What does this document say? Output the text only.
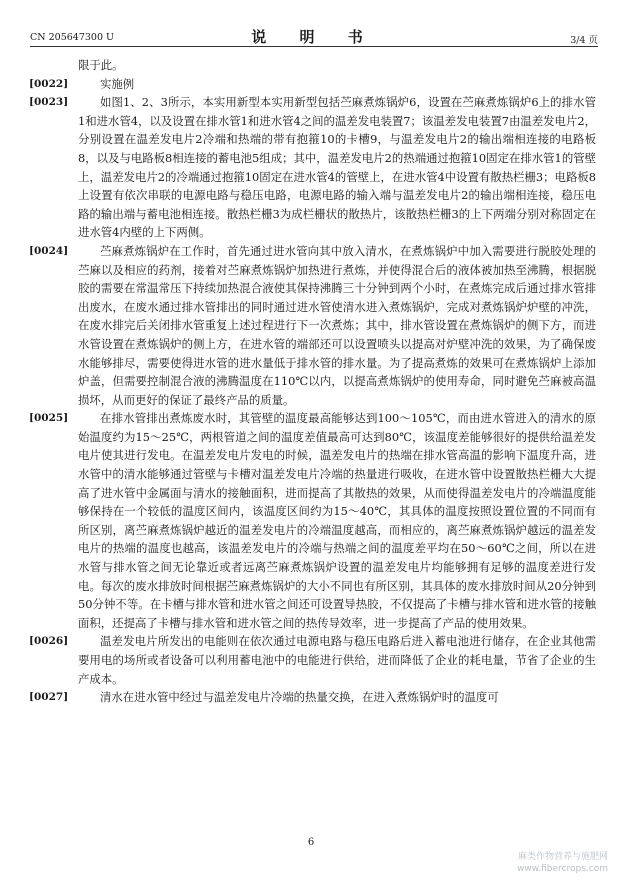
CN 205647300 U	说 明 书	3/4 页

限于此。

[0022]	实施例

[0023]	如图1、2、3所示，本实用新型本实用新型包括苎麻煮炼锅炉6，设置在苎麻煮炼锅炉6上的排水管1和进水管4，以及设置在排水管1和进水管4之间的温差发电装置7；该温差发电装置7由温差发电片2，分别设置在温差发电片2冷端和热端的带有抱箍10的卡槽9，与温差发电片2的输出端相连接的电路板8，以及与电路板8相连接的蓄电池5组成；其中，温差发电片2的热端通过抱箍10固定在排水管1的管壁上，温差发电片2的冷端通过抱箍10固定在进水管4的管壁上，在进水管4中设置有散热栏栅3；电路板8上设置有依次串联的电源电路与稳压电路，电源电路的输入端与温差发电片2的输出端相连接，稳压电路的输出端与蓄电池相连接。散热栏栅3为成栏栅状的散热片，该散热栏栅3的上下两端分别对称固定在进水管4内壁的上下两侧。

[0024]	苎麻煮炼锅炉在工作时，首先通过进水管向其中放入清水，在煮炼锅炉中加入需要进行脱胶处理的苎麻以及相应的药剂，接着对苎麻煮炼锅炉加热进行煮炼，并使得混合后的液体被加热至沸腾，根据脱胶的需要在常温常压下持续加热混合液使其保持沸腾三十分钟到两个小时，在煮炼完成后通过排水管排出废水，在废水通过排水管排出的同时通过进水管使清水进入煮炼锅炉，完成对煮炼锅炉炉壁的冲洗，在废水排完后关闭排水管重复上述过程进行下一次煮炼；其中，排水管设置在煮炼锅炉的侧下方，而进水管设置在煮炼锅炉的侧上方，在进水管的端部还可以设置喷头以提高对炉壁冲洗的效果，为了确保废水能够排尽，需要使得进水管的进水量低于排水管的排水量。为了提高煮炼的效果可在煮炼锅炉上添加炉盖，但需要控制混合液的沸腾温度在110℃以内，以提高煮炼锅炉的使用寿命，同时避免苎麻被高温损坏，从而更好的保证了最终产品的质量。

[0025]	在排水管排出煮炼废水时，其管壁的温度最高能够达到100～105℃，而由进水管进入的清水的原始温度约为15～25℃，两根管道之间的温度差值最高可达到80℃，该温度差能够很好的提供给温差发电片使其进行发电。在温差发电片发电的时候，温差发电片的热端在排水管高温的影响下温度升高，进水管中的清水能够通过管壁与卡槽对温差发电片冷端的热量进行吸收，在进水管中设置散热栏栅大大提高了进水管中金属面与清水的接触面积，进而提高了其散热的效果，从而使得温差发电片的冷端温度能够保持在一个较低的温度区间内，该温度区间约为15～40℃，其具体的温度按照设置位置的不同而有所区别，离苎麻煮炼锅炉越近的温差发电片的冷端温度越高，而相应的，离苎麻煮炼锅炉越远的温差发电片的热端的温度也越高，该温差发电片的冷端与热端之间的温度差平均在50～60℃之间，所以在进水管与排水管之间无论靠近或者远离苎麻煮炼锅炉设置的温差发电片均能够拥有足够的温度差进行发电。每次的废水排放时间根据苎麻煮炼锅炉的大小不同也有所区别，其具体的废水排放时间从20分钟到50分钟不等。在卡槽与排水管和进水管之间还可设置导热胶，不仅提高了卡槽与排水管和进水管的接触面积，还提高了卡槽与排水管和进水管之间的热传导效率，进一步提高了产品的使用效果。

[0026]	温差发电片所发出的电能则在依次通过电源电路与稳压电路后进入蓄电池进行储存，在企业其他需要用电的场所或者设备可以利用蓄电池中的电能进行供给，进而降低了企业的耗电量，节省了企业的生产成本。

[0027]	清水在进水管中经过与温差发电片冷端的热量交换，在进入煮炼锅炉时的温度可

6
麻类作物营养与施肥网
www.fibercrops.com
